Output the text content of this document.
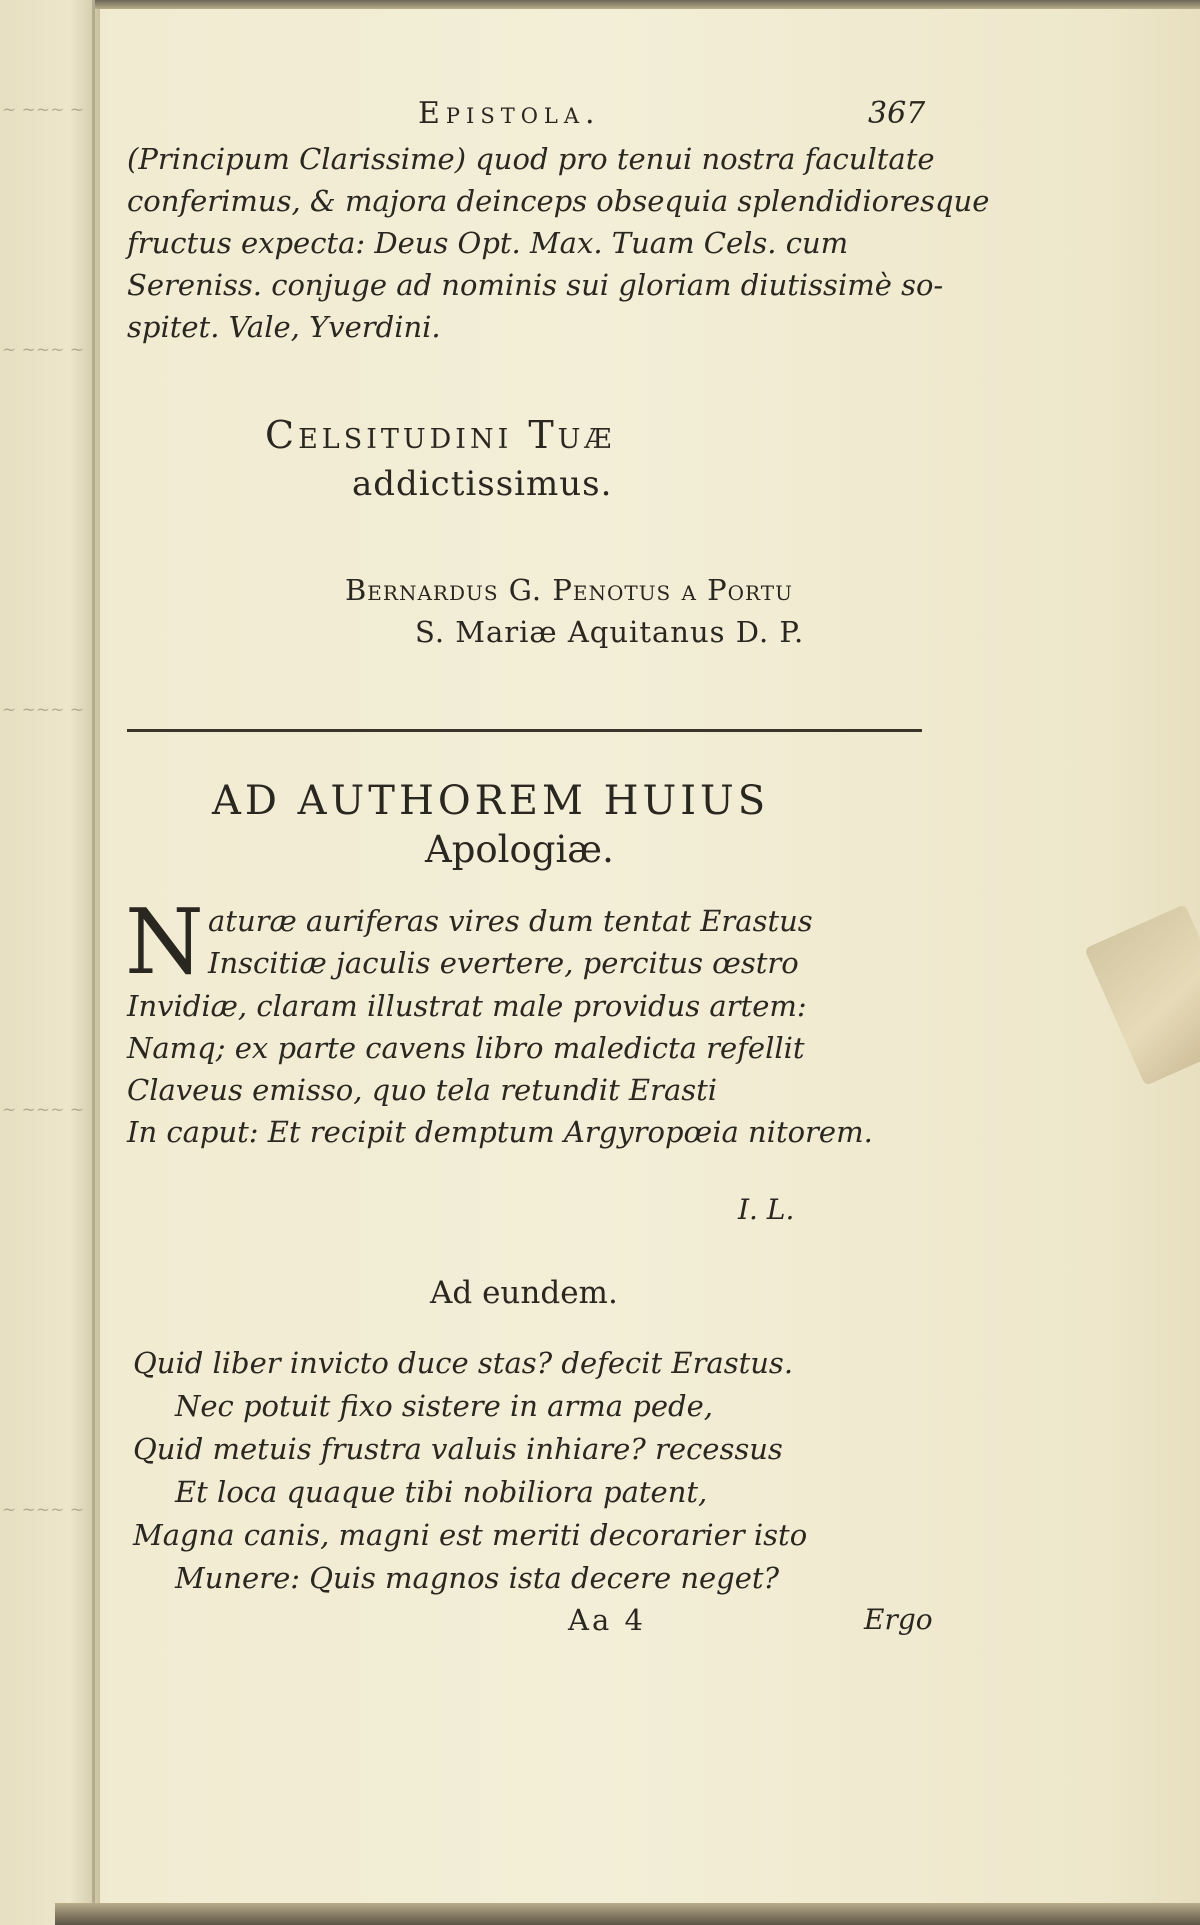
~ ~~~ ~
~ ~~~ ~
~ ~~~ ~
~ ~~~ ~
~ ~~~ ~
Epistola.	367
(Principum Clarissime) quod pro tenui nostra facultate
conferimus, & majora deinceps obsequia splendidioresque
fructus expecta: Deus Opt. Max. Tuam Cels. cum
Sereniss. conjuge ad nominis sui gloriam diutissimè so-
spitet. Vale, Yverdini.
Celsitudini Tuæ
addictissimus.
Bernardus G. Penotus a Portu
S. Mariæ Aquitanus D. P.
AD AUTHOREM HUIUS
Apologiæ.
N aturæ auriferas vires dum tentat Erastus
Inscitiæ jaculis evertere, percitus œstro
Invidiæ, claram illustrat male providus artem:
Namq; ex parte cavens libro maledicta refellit
Claveus emisso, quo tela retundit Erasti
In caput: Et recipit demptum Argyropœia nitorem.
I. L.
Ad eundem.
Quid liber invicto duce stas? defecit Erastus.
Nec potuit fixo sistere in arma pede,
Quid metuis frustra valuis inhiare? recessus
Et loca quaque tibi nobiliora patent,
Magna canis, magni est meriti decorarier isto
Munere: Quis magnos ista decere neget?
Aa 4	Ergo
